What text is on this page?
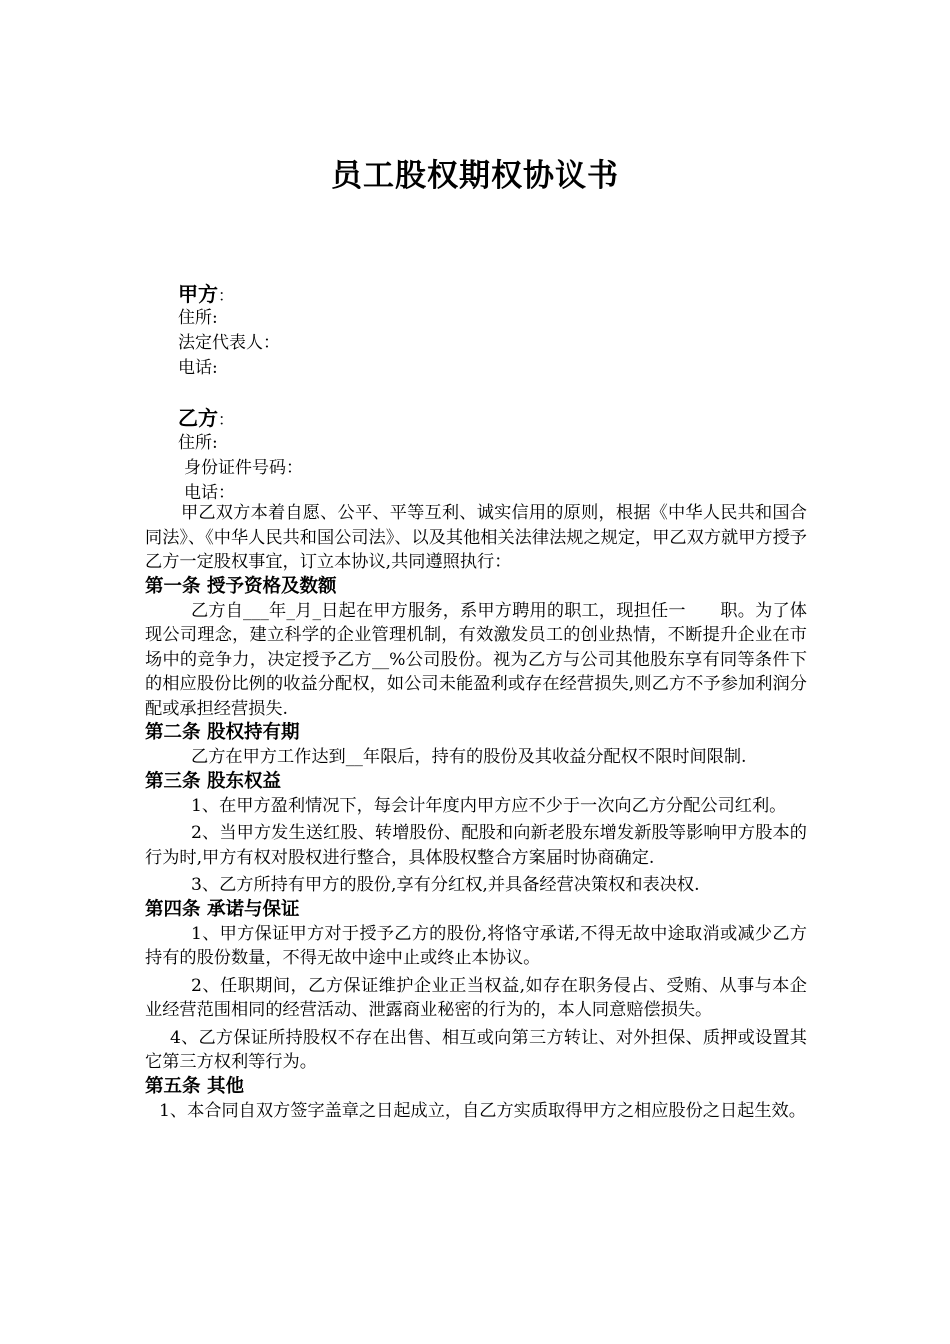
员工股权期权协议书
甲方：
住所:
法定代表人：
电话:
乙方：
住所:
身份证件号码：
电话：

甲乙双方本着自愿、公平、平等互利、诚实信用的原则，根据《中华人民共和国合同法》、《中华人民共和国公司法》、以及其他相关法律法规之规定，甲乙双方就甲方授予乙方一定股权事宜，订立本协议,共同遵照执行：

第一条 授予资格及数额

乙方自___年_月_日起在甲方服务，系甲方聘用的职工，现担任一　　职。为了体现公司理念，建立科学的企业管理机制，有效激发员工的创业热情，不断提升企业在市场中的竞争力，决定授予乙方__%公司股份。视为乙方与公司其他股东享有同等条件下的相应股份比例的收益分配权，如公司未能盈利或存在经营损失,则乙方不予参加利润分配或承担经营损失.

第二条 股权持有期

乙方在甲方工作达到__年限后，持有的股份及其收益分配权不限时间限制.

第三条 股东权益

1、在甲方盈利情况下，每会计年度内甲方应不少于一次向乙方分配公司红利。

2、当甲方发生送红股、转增股份、配股和向新老股东增发新股等影响甲方股本的行为时,甲方有权对股权进行整合，具体股权整合方案届时协商确定.

3、乙方所持有甲方的股份,享有分红权,并具备经营决策权和表决权.

第四条 承诺与保证

1、甲方保证甲方对于授予乙方的股份,将恪守承诺,不得无故中途取消或减少乙方持有的股份数量，不得无故中途中止或终止本协议。

2、任职期间，乙方保证维护企业正当权益,如存在职务侵占、受贿、从事与本企业经营范围相同的经营活动、泄露商业秘密的行为的，本人同意赔偿损失。

4、乙方保证所持股权不存在出售、相互或向第三方转让、对外担保、质押或设置其它第三方权利等行为。

第五条 其他

1、本合同自双方签字盖章之日起成立，自乙方实质取得甲方之相应股份之日起生效。
